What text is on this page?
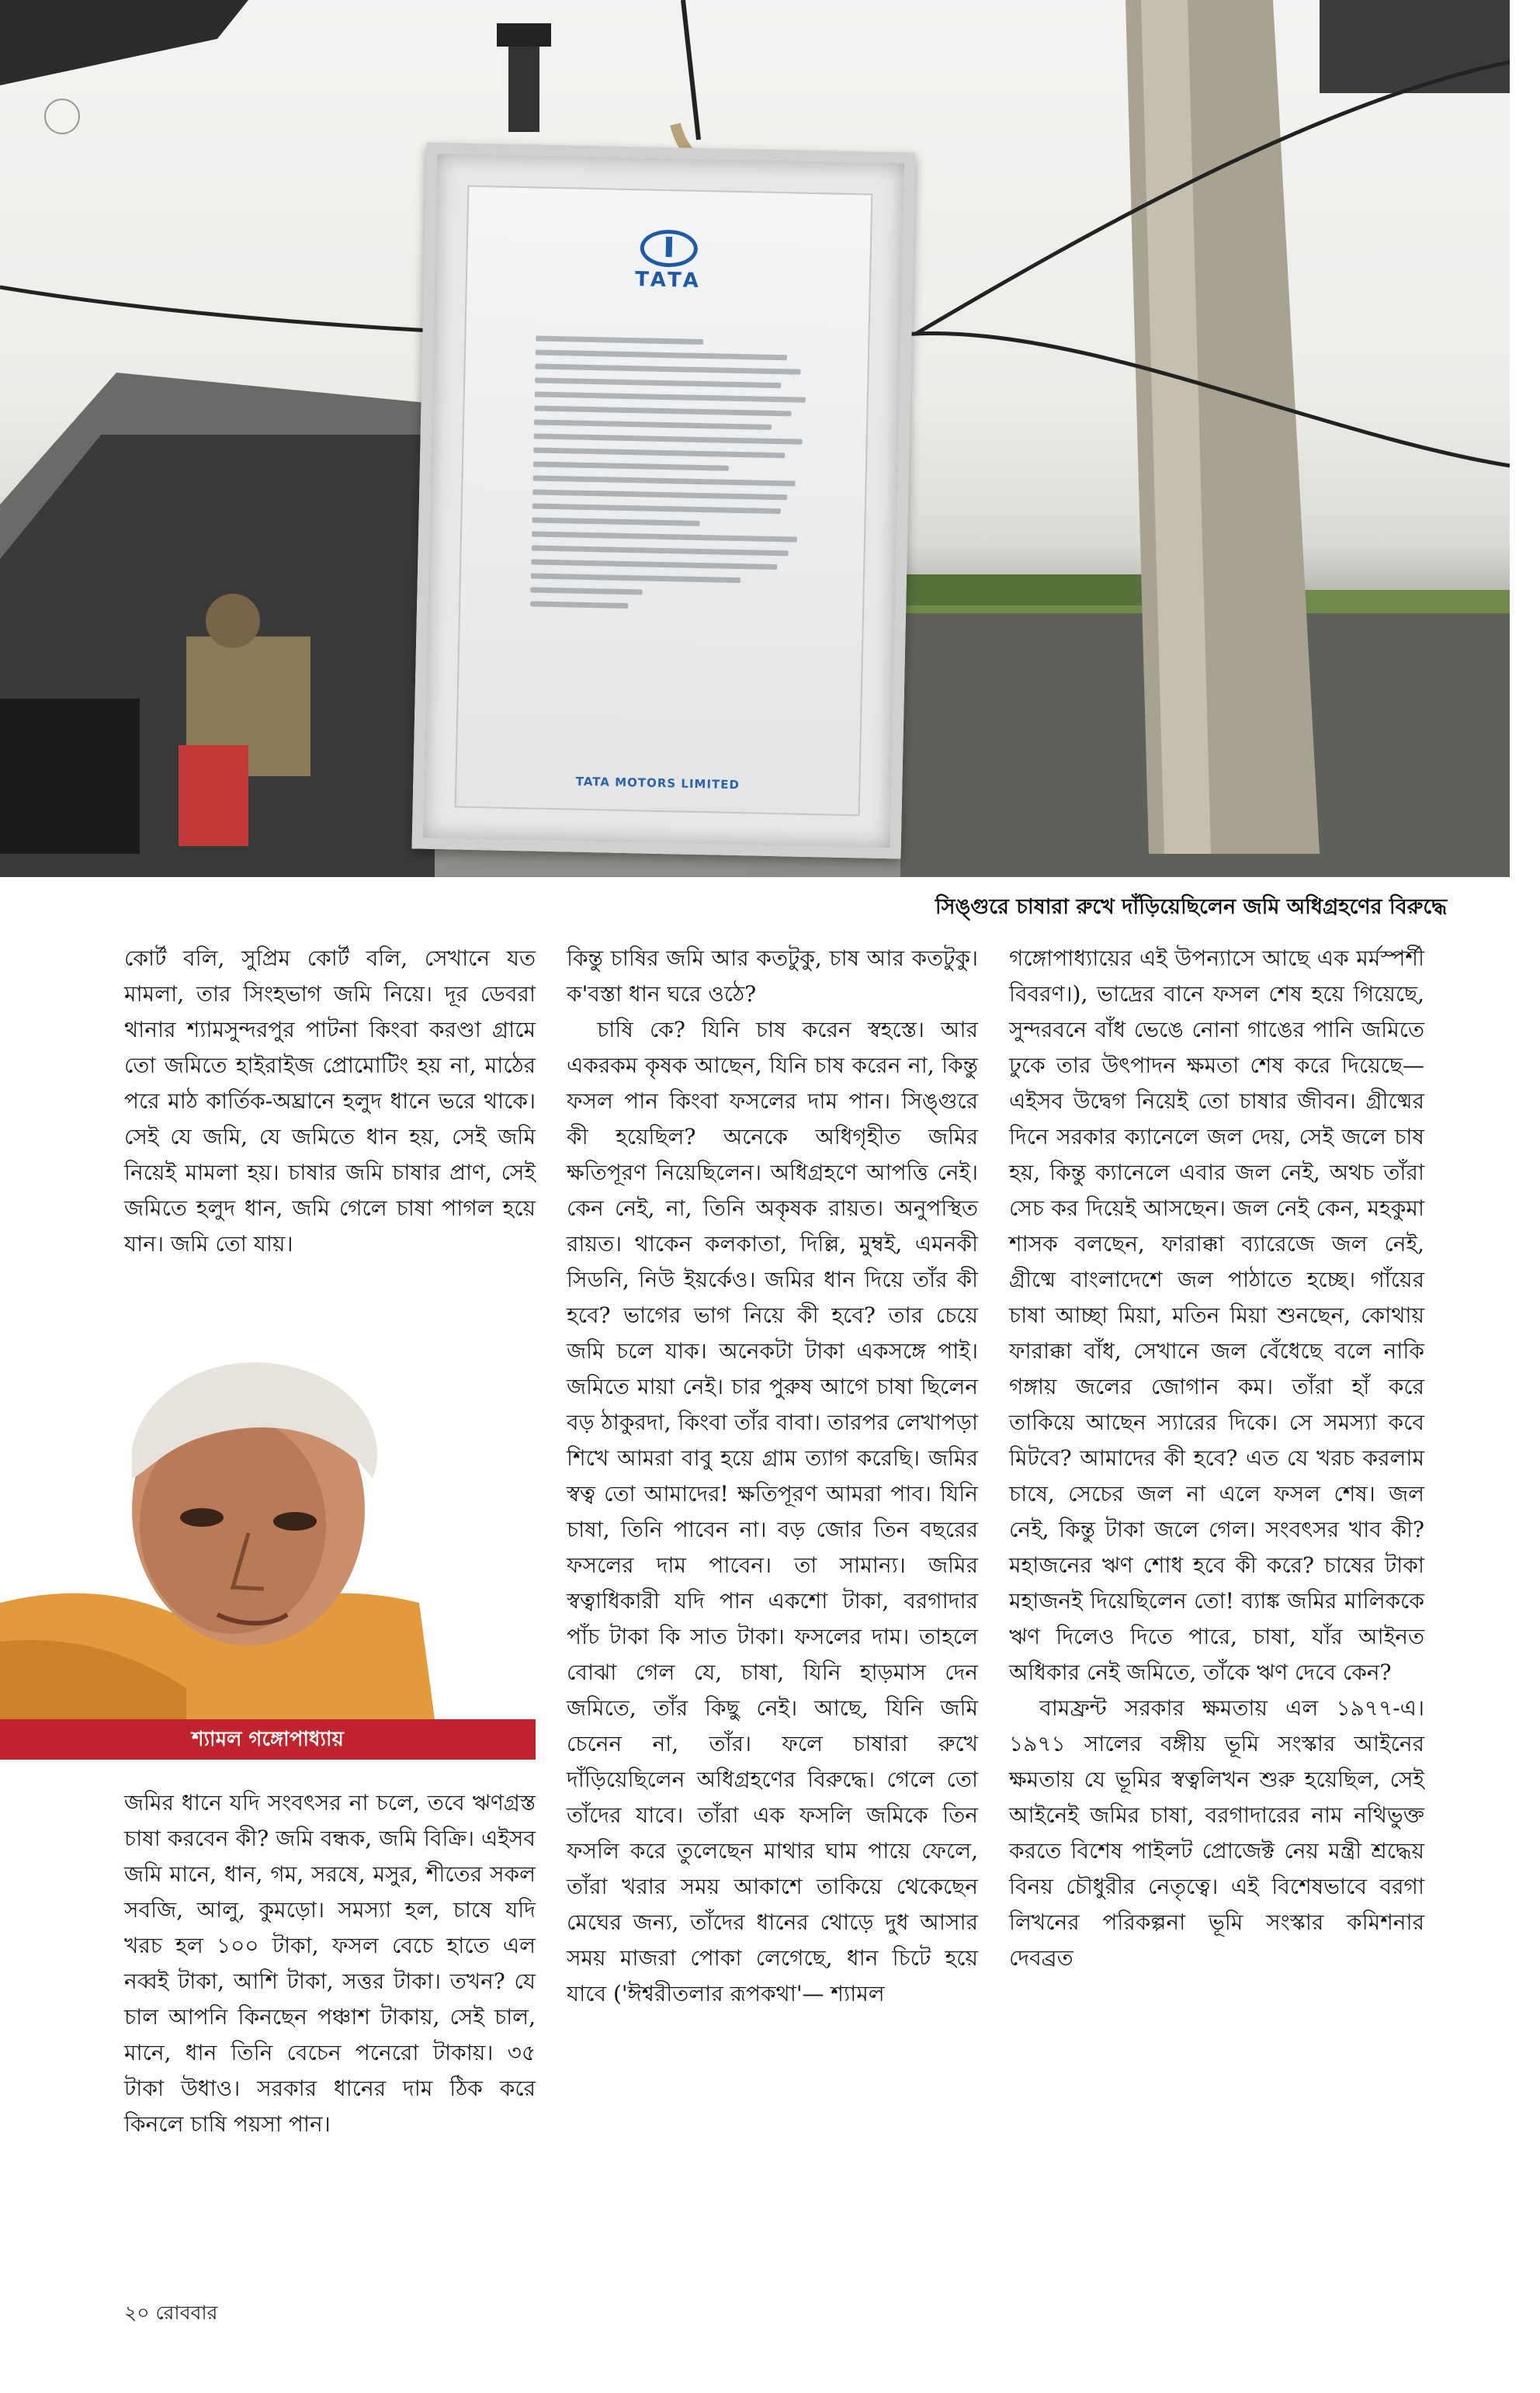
TATA
TATA MOTORS LIMITED
সিঙ্গুরে চাষারা রুখে দাঁড়িয়েছিলেন জমি অধিগ্রহণের বিরুদ্ধে

কোর্ট বলি, সুপ্রিম কোর্ট বলি, সেখানে যত মামলা, তার সিংহভাগ জমি নিয়ে। দূর ডেবরা থানার শ্যামসুন্দরপুর পাটনা কিংবা করণ্ডা গ্রামে তো জমিতে হাইরাইজ প্রোমোটিং হয় না, মাঠের পরে মাঠ কার্তিক-অঘ্রানে হলুদ ধানে ভরে থাকে। সেই যে জমি, যে জমিতে ধান হয়, সেই জমি নিয়েই মামলা হয়। চাষার জমি চাষার প্রাণ, সেই জমিতে হলুদ ধান, জমি গেলে চাষা পাগল হয়ে যান। জমি তো যায়।

শ্যামল গঙ্গোপাধ্যায়

জমির ধানে যদি সংবৎসর না চলে, তবে ঋণগ্রস্ত চাষা করবেন কী? জমি বন্ধক, জমি বিক্রি। এইসব জমি মানে, ধান, গম, সরষে, মসুর, শীতের সকল সবজি, আলু, কুমড়ো। সমস্যা হল, চাষে যদি খরচ হল ১০০ টাকা, ফসল বেচে হাতে এল নব্বই টাকা, আশি টাকা, সত্তর টাকা। তখন? যে চাল আপনি কিনছেন পঞ্চাশ টাকায়, সেই চাল, মানে, ধান তিনি বেচেন পনেরো টাকায়। ৩৫ টাকা উধাও। সরকার ধানের দাম ঠিক করে কিনলে চাষি পয়সা পান।

কিন্তু চাষির জমি আর কতটুকু, চাষ আর কতটুকু। ক'বস্তা ধান ঘরে ওঠে?

চাষি কে? যিনি চাষ করেন স্বহস্তে। আর একরকম কৃষক আছেন, যিনি চাষ করেন না, কিন্তু ফসল পান কিংবা ফসলের দাম পান। সিঙ্গুরে কী হয়েছিল? অনেকে অধিগৃহীত জমির ক্ষতিপূরণ নিয়েছিলেন। অধিগ্রহণে আপত্তি নেই। কেন নেই, না, তিনি অকৃষক রায়ত। অনুপস্থিত রায়ত। থাকেন কলকাতা, দিল্লি, মুম্বই, এমনকী সিডনি, নিউ ইয়র্কেও। জমির ধান দিয়ে তাঁর কী হবে? ভাগের ভাগ নিয়ে কী হবে? তার চেয়ে জমি চলে যাক। অনেকটা টাকা একসঙ্গে পাই। জমিতে মায়া নেই। চার পুরুষ আগে চাষা ছিলেন বড় ঠাকুরদা, কিংবা তাঁর বাবা। তারপর লেখাপড়া শিখে আমরা বাবু হয়ে গ্রাম ত্যাগ করেছি। জমির স্বত্ব তো আমাদের! ক্ষতিপূরণ আমরা পাব। যিনি চাষা, তিনি পাবেন না। বড় জোর তিন বছরের ফসলের দাম পাবেন। তা সামান্য। জমির স্বত্বাধিকারী যদি পান একশো টাকা, বরগাদার পাঁচ টাকা কি সাত টাকা। ফসলের দাম। তাহলে বোঝা গেল যে, চাষা, যিনি হাড়মাস দেন জমিতে, তাঁর কিছু নেই। আছে, যিনি জমি চেনেন না, তাঁর। ফলে চাষারা রুখে দাঁড়িয়েছিলেন অধিগ্রহণের বিরুদ্ধে। গেলে তো তাঁদের যাবে। তাঁরা এক ফসলি জমিকে তিন ফসলি করে তুলেছেন মাথার ঘাম পায়ে ফেলে, তাঁরা খরার সময় আকাশে তাকিয়ে থেকেছেন মেঘের জন্য, তাঁদের ধানের থোড়ে দুধ আসার সময় মাজরা পোকা লেগেছে, ধান চিটে হয়ে যাবে ('ঈশ্বরীতলার রূপকথা'— শ্যামল

গঙ্গোপাধ্যায়ের এই উপন্যাসে আছে এক মর্মস্পর্শী বিবরণ।), ভাদ্রের বানে ফসল শেষ হয়ে গিয়েছে, সুন্দরবনে বাঁধ ভেঙে নোনা গাঙের পানি জমিতে ঢুকে তার উৎপাদন ক্ষমতা শেষ করে দিয়েছে— এইসব উদ্বেগ নিয়েই তো চাষার জীবন। গ্রীষ্মের দিনে সরকার ক্যানেলে জল দেয়, সেই জলে চাষ হয়, কিন্তু ক্যানেলে এবার জল নেই, অথচ তাঁরা সেচ কর দিয়েই আসছেন। জল নেই কেন, মহকুমা শাসক বলছেন, ফারাক্কা ব্যারেজে জল নেই, গ্রীষ্মে বাংলাদেশে জল পাঠাতে হচ্ছে। গাঁয়ের চাষা আচ্ছা মিয়া, মতিন মিয়া শুনছেন, কোথায় ফারাক্কা বাঁধ, সেখানে জল বেঁধেছে বলে নাকি গঙ্গায় জলের জোগান কম। তাঁরা হাঁ করে তাকিয়ে আছেন স্যারের দিকে। সে সমস্যা কবে মিটবে? আমাদের কী হবে? এত যে খরচ করলাম চাষে, সেচের জল না এলে ফসল শেষ। জল নেই, কিন্তু টাকা জলে গেল। সংবৎসর খাব কী? মহাজনের ঋণ শোধ হবে কী করে? চাষের টাকা মহাজনই দিয়েছিলেন তো! ব্যাঙ্ক জমির মালিককে ঋণ দিলেও দিতে পারে, চাষা, যাঁর আইনত অধিকার নেই জমিতে, তাঁকে ঋণ দেবে কেন?

বামফ্রন্ট সরকার ক্ষমতায় এল ১৯৭৭-এ। ১৯৭১ সালের বঙ্গীয় ভূমি সংস্কার আইনের ক্ষমতায় যে ভূমির স্বত্বলিখন শুরু হয়েছিল, সেই আইনেই জমির চাষা, বরগাদারের নাম নথিভুক্ত করতে বিশেষ পাইলট প্রোজেক্ট নেয় মন্ত্রী শ্রদ্ধেয় বিনয় চৌধুরীর নেতৃত্বে। এই বিশেষভাবে বরগা লিখনের পরিকল্পনা ভূমি সংস্কার কমিশনার দেবব্রত

২০ রোববার
